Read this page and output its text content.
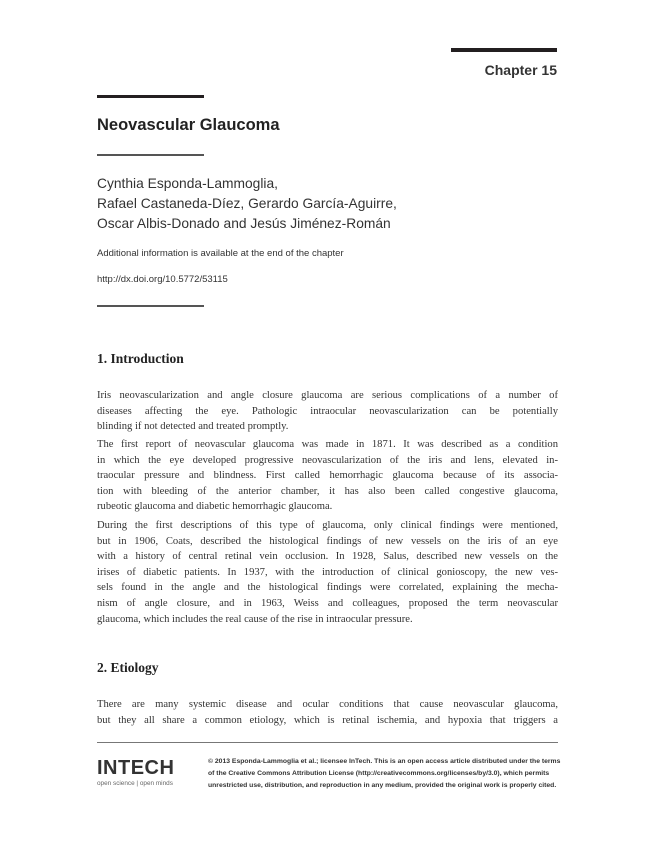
Chapter 15
Neovascular Glaucoma
Cynthia Esponda-Lammoglia,
Rafael Castaneda-Díez, Gerardo García-Aguirre,
Oscar Albis-Donado and Jesús Jiménez-Román
Additional information is available at the end of the chapter
http://dx.doi.org/10.5772/53115
1. Introduction
Iris neovascularization and angle closure glaucoma are serious complications of a number of
diseases affecting the eye. Pathologic intraocular neovascularization can be potentially
blinding if not detected and treated promptly.
The first report of neovascular glaucoma was made in 1871. It was described as a condition
in which the eye developed progressive neovascularization of the iris and lens, elevated in-
traocular pressure and blindness. First called hemorrhagic glaucoma because of its associa-
tion with bleeding of the anterior chamber, it has also been called congestive glaucoma,
rubeotic glaucoma and diabetic hemorrhagic glaucoma.
During the first descriptions of this type of glaucoma, only clinical findings were mentioned,
but in 1906, Coats, described the histological findings of new vessels on the iris of an eye
with a history of central retinal vein occlusion. In 1928, Salus, described new vessels on the
irises of diabetic patients. In 1937, with the introduction of clinical gonioscopy, the new ves-
sels found in the angle and the histological findings were correlated, explaining the mecha-
nism of angle closure, and in 1963, Weiss and colleagues, proposed the term neovascular
glaucoma, which includes the real cause of the rise in intraocular pressure.
2. Etiology
There are many systemic disease and ocular conditions that cause neovascular glaucoma,
but they all share a common etiology, which is retinal ischemia, and hypoxia that triggers a
INTECH
open science | open minds
© 2013 Esponda-Lammoglia et al.; licensee InTech. This is an open access article distributed under the terms
of the Creative Commons Attribution License (http://creativecommons.org/licenses/by/3.0), which permits
unrestricted use, distribution, and reproduction in any medium, provided the original work is properly cited.
